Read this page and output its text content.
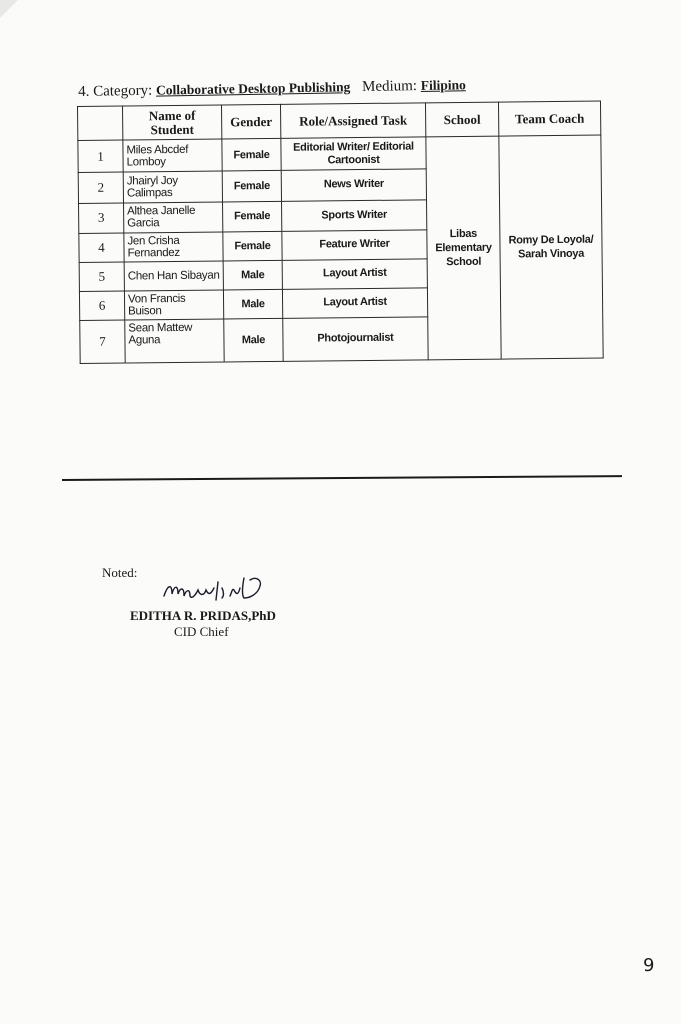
4. Category: Collaborative Desktop Publishing Medium: Filipino
	Name of Student	Gender	Role/Assigned Task	School	Team Coach
1	Miles Abcdef Lomboy	Female	Editorial Writer/ Editorial Cartoonist	Libas Elementary School	Romy De Loyola/ Sarah Vinoya
2	Jhairyl Joy Calimpas	Female	News Writer		
3	Althea Janelle Garcia	Female	Sports Writer		
4	Jen Crisha Fernandez	Female	Feature Writer		
5	Chen Han Sibayan	Male	Layout Artist		
6	Von Francis Buison	Male	Layout Artist		
7	Sean Mattew Aguna	Male	Photojournalist		
Noted:
EDITHA R. PRIDAS,PhD
CID Chief
9
